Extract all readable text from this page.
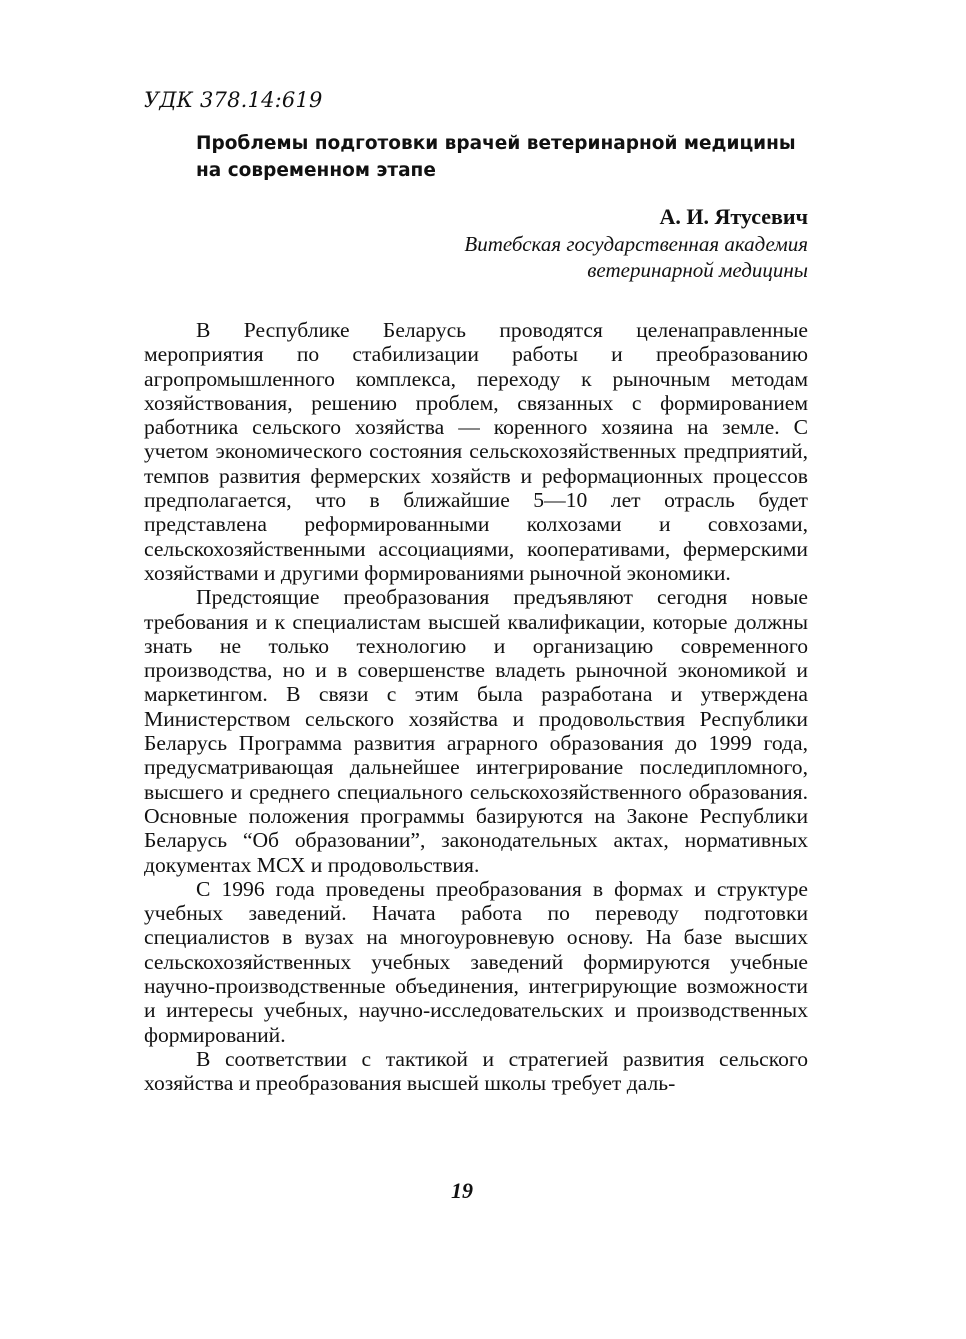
УДК 378.14:619
Проблемы подготовки врачей ветеринарной медицины
на современном этапе
А. И. Ятусевич
Витебская государственная академия
ветеринарной медицины

В Республике Беларусь проводятся целенаправленные мероприятия по стабилизации работы и преобразованию агропромышленного комплекса, переходу к рыночным методам хозяйствования, решению проблем, связанных с формированием работника сельского хозяйства — коренного хозяина на земле. С учетом экономического состояния сельскохозяйственных предприятий, темпов развития фермерских хозяйств и реформационных процессов предполагается, что в ближайшие 5—10 лет отрасль будет представлена реформированными колхозами и совхозами, сельскохозяйственными ассоциациями, кооперативами, фермерскими хозяйствами и другими формированиями рыночной экономики.

Предстоящие преобразования предъявляют сегодня новые требования и к специалистам высшей квалификации, которые должны знать не только технологию и организацию современного производства, но и в совершенстве владеть рыночной экономикой и маркетингом. В связи с этим была разработана и утверждена Министерством сельского хозяйства и продовольствия Республики Беларусь Программа развития аграрного образования до 1999 года, предусматривающая дальнейшее интегрирование последипломного, высшего и среднего специального сельскохозяйственного образования. Основные положения программы базируются на Законе Республики Беларусь “Об образовании”, законодательных актах, нормативных документах МСХ и продовольствия.

С 1996 года проведены преобразования в формах и структуре учебных заведений. Начата работа по переводу подготовки специалистов в вузах на многоуровневую основу. На базе высших сельскохозяйственных учебных заведений формируются учебные научно-производственные объединения, интегрирующие возможности и интересы учебных, научно-исследовательских и производственных формирований.

В соответствии с тактикой и стратегией развития сельского хозяйства и преобразования высшей школы требует даль-

19
